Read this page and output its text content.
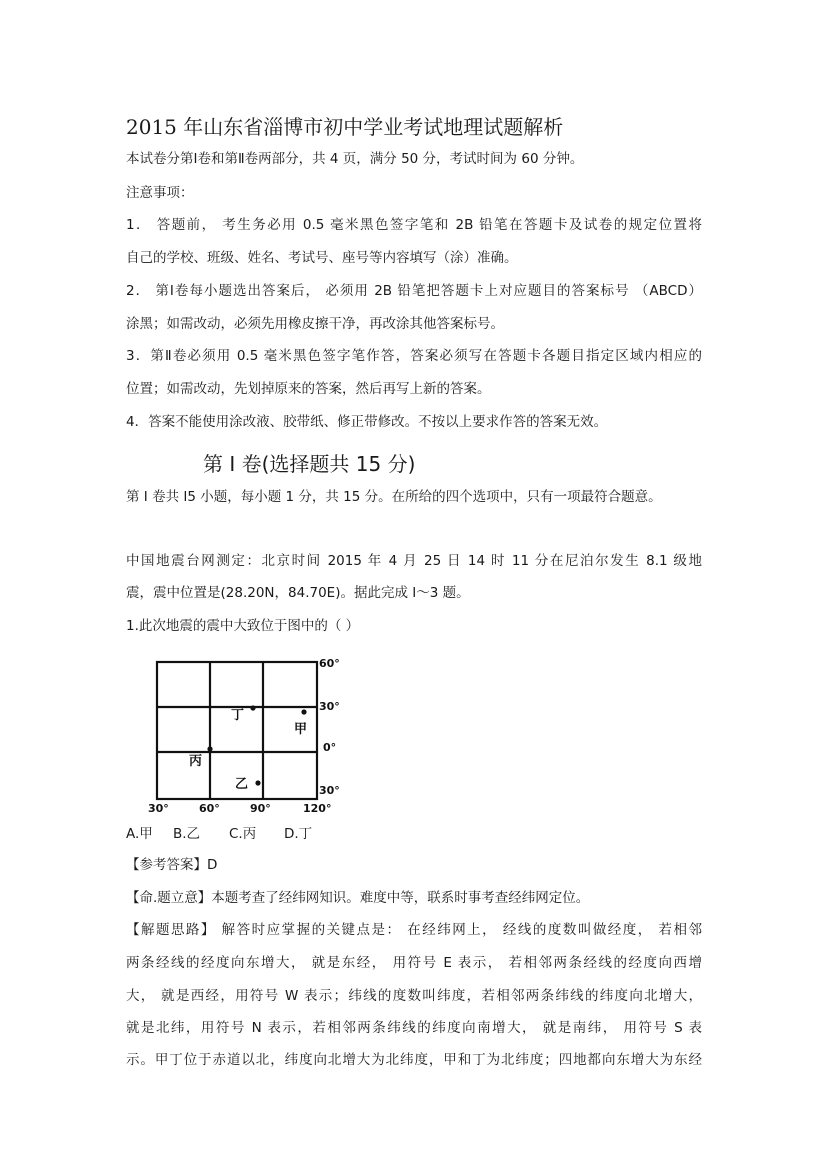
2015 年山东省淄博市初中学业考试地理试题解析
本试卷分第Ⅰ卷和第Ⅱ卷两部分，共 4 页，满分 50 分，考试时间为 60 分钟。
注意事项：
1． 答题前， 考生务必用 0.5 毫米黑色签字笔和 2B 铅笔在答题卡及试卷的规定位置将
自己的学校、班级、姓名、考试号、座号等内容填写（涂）准确。
2． 第Ⅰ卷每小题选出答案后， 必须用 2B 铅笔把答题卡上对应题目的答案标号 （ABCD）
涂黑；如需改动，必须先用橡皮擦干净，再改涂其他答案标号。
3．第Ⅱ卷必须用 0.5 毫米黑色签字笔作答，答案必须写在答题卡各题目指定区域内相应的
位置；如需改动，先划掉原来的答案，然后再写上新的答案。
4．答案不能使用涂改液、胶带纸、修正带修改。不按以上要求作答的答案无效。
第 I 卷(选择题共 15 分)
第 I 卷共 I5 小题，每小题 1 分，共 15 分。在所给的四个选项中，只有一项最符合题意。
中国地震台网测定：北京时间 2015 年 4 月 25 日 14 时 11 分在尼泊尔发生 8.1 级地
震，震中位置是(28.20N，84.70E)。据此完成 I～3 题。
1.此次地震的震中大致位于图中的（ ）
60°
30°
0°
30°
30°	60°	90°	120°
甲
乙
丙
丁
A.甲 B.乙 C.丙 D.丁
【参考答案】D
【命.题立意】本题考查了经纬网知识。难度中等，联系时事考查经纬网定位。
【解题思路】 解答时应掌握的关键点是： 在经纬网上， 经线的度数叫做经度， 若相邻
两条经线的经度向东增大， 就是东经， 用符号 E 表示， 若相邻两条经线的经度向西增
大， 就是西经，用符号 W 表示；纬线的度数叫纬度，若相邻两条纬线的纬度向北增大，
就是北纬，用符号 N 表示，若相邻两条纬线的纬度向南增大， 就是南纬， 用符号 S 表
示。甲丁位于赤道以北，纬度向北增大为北纬度，甲和丁为北纬度；四地都向东增大为东经
